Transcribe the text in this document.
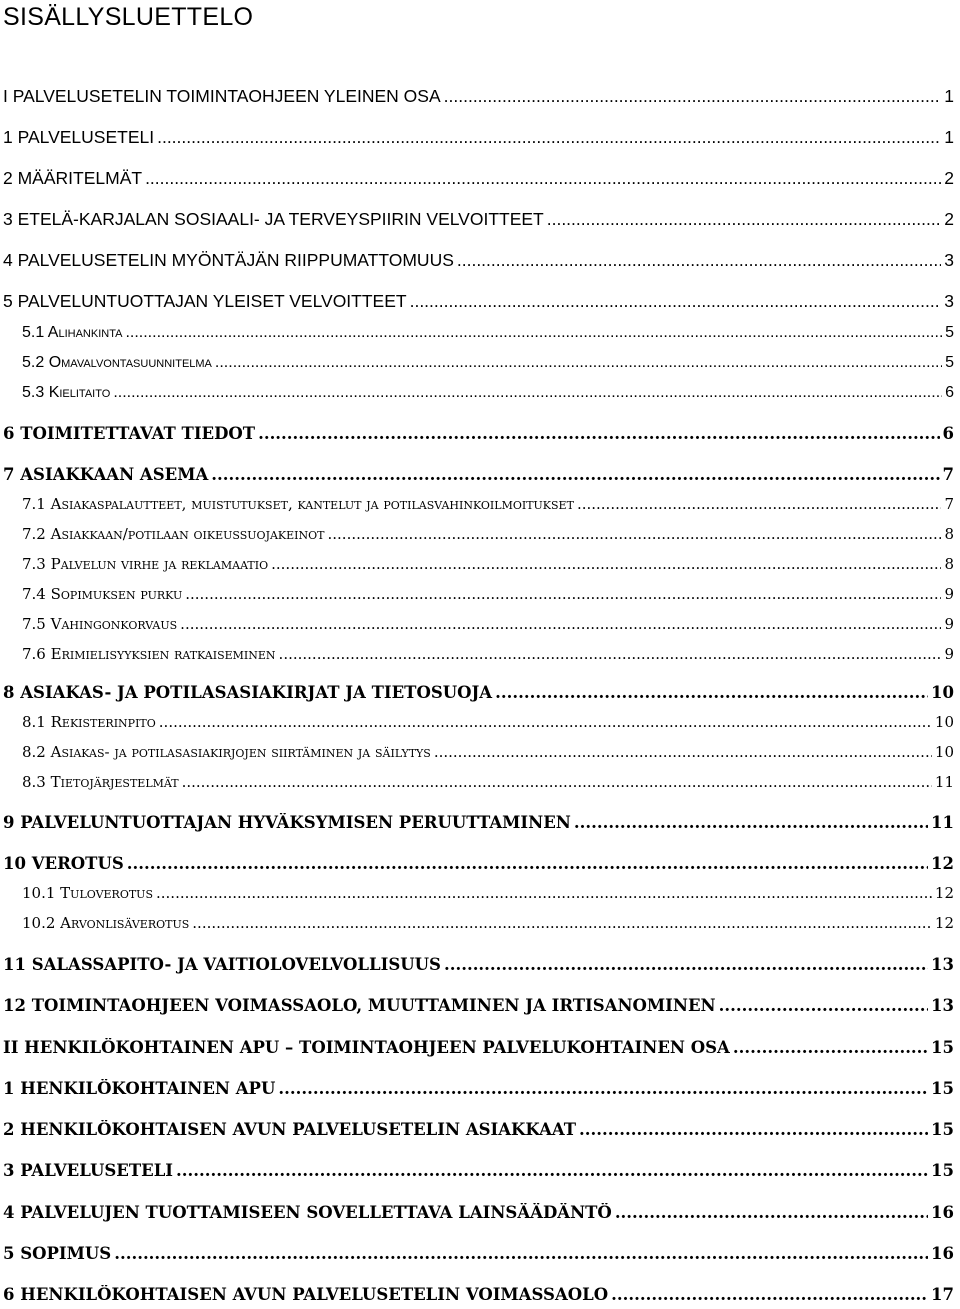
SISÄLLYSLUETTELO
I PALVELUSETELIN TOIMINTAOHJEEN YLEINEN OSA .....	1
1 PALVELUSETELI .....	1
2 MÄÄRITELMÄT .....	2
3 ETELÄ-KARJALAN SOSIAALI- JA TERVEYSPIIRIN VELVOITTEET .....	2
4 PALVELUSETELIN MYÖNTÄJÄN RIIPPUMATTOMUUS .....	3
5 PALVELUNTUOTTAJAN YLEISET VELVOITTEET .....	3
5.1 Alihankinta .....	5
5.2 Omavalvontasuunnitelma .....	5
5.3 Kielitaito .....	6
6 TOIMITETTAVAT TIEDOT .....	6
7 ASIAKKAAN ASEMA .....	7
7.1 Asiakaspalautteet, muistutukset, kantelut ja potilasvahinkoilmoitukset .....	7
7.2 Asiakkaan/potilaan oikeussuojakeinot .....	8
7.3 Palvelun virhe ja reklamaatio .....	8
7.4 Sopimuksen purku .....	9
7.5 Vahingonkorvaus .....	9
7.6 Erimielisyyksien ratkaiseminen .....	9
8 ASIAKAS- JA POTILASASIAKIRJAT JA TIETOSUOJA .....	10
8.1 Rekisterinpito .....	10
8.2 Asiakas- ja potilasasiakirjojen siirtäminen ja säilytys .....	10
8.3 Tietojärjestelmät .....	11
9 PALVELUNTUOTTAJAN HYVÄKSYMISEN PERUUTTAMINEN .....	11
10 VEROTUS .....	12
10.1 Tuloverotus .....	12
10.2 Arvonlisäverotus .....	12
11 SALASSAPITO- JA VAITIOLOVELVOLLISUUS .....	13
12 TOIMINTAOHJEEN VOIMASSAOLO, MUUTTAMINEN JA IRTISANOMINEN .....	13
II HENKILÖKOHTAINEN APU – TOIMINTAOHJEEN PALVELUKOHTAINEN OSA .....	15
1 HENKILÖKOHTAINEN APU .....	15
2 HENKILÖKOHTAISEN AVUN PALVELUSETELIN ASIAKKAAT .....	15
3 PALVELUSETELI .....	15
4 PALVELUJEN TUOTTAMISEEN SOVELLETTAVA LAINSÄÄDÄNTÖ .....	16
5 SOPIMUS .....	16
6 HENKILÖKOHTAISEN AVUN PALVELUSETELIN VOIMASSAOLO .....	17
